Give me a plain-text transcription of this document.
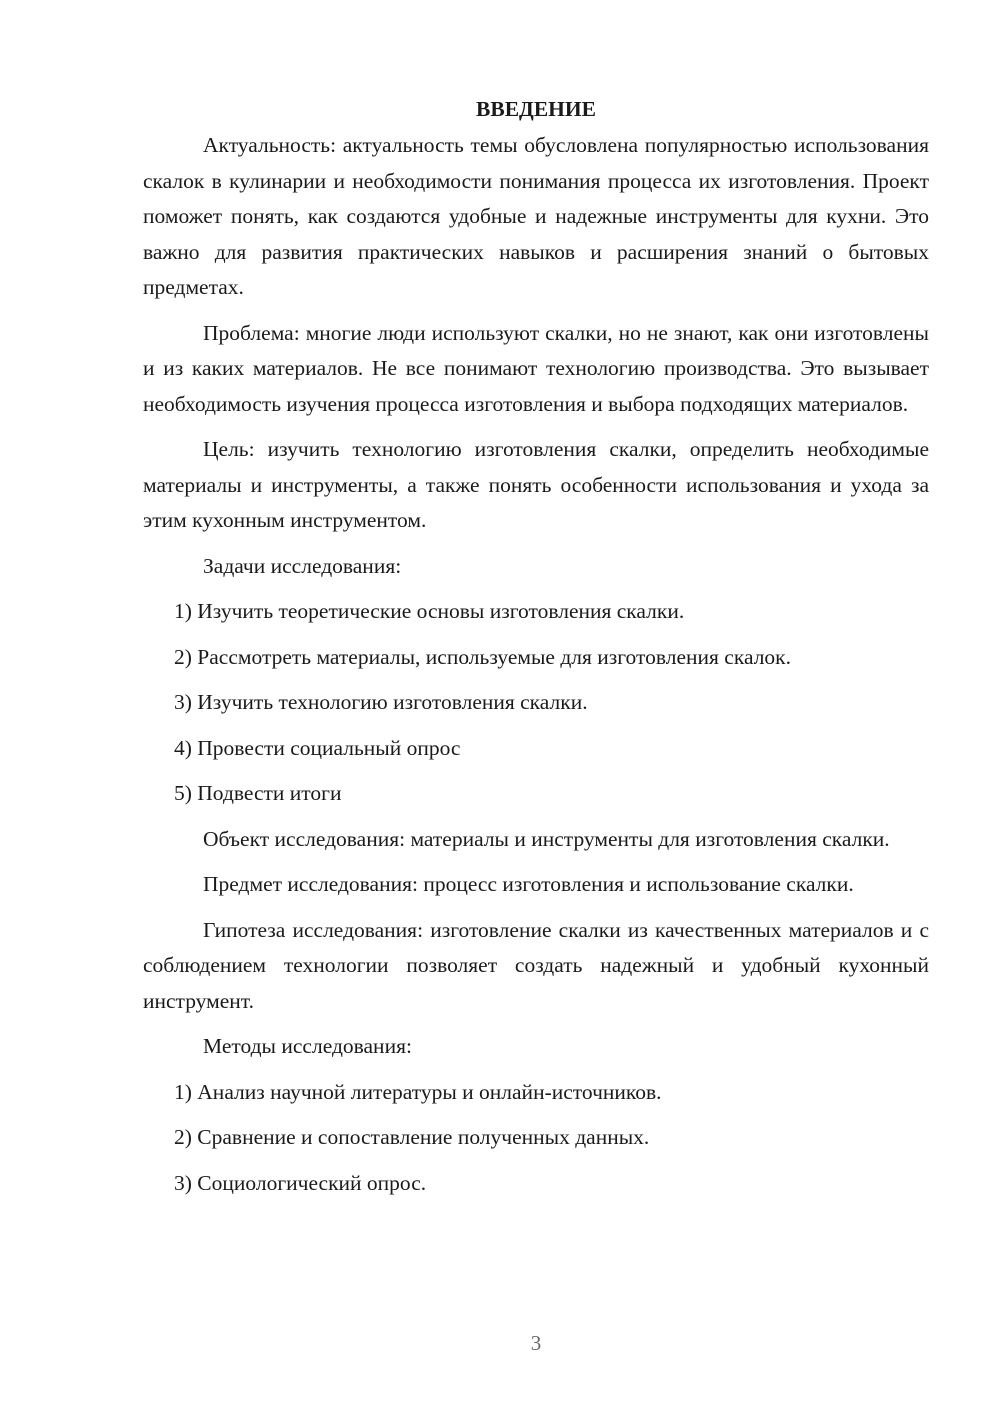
ВВЕДЕНИЕ

Актуальность: актуальность темы обусловлена популярностью использования скалок в кулинарии и необходимости понимания процесса их изготовления. Проект поможет понять, как создаются удобные и надежные инструменты для кухни. Это важно для развития практических навыков и расширения знаний о бытовых предметах.

Проблема: многие люди используют скалки, но не знают, как они изготовлены и из каких материалов. Не все понимают технологию производства. Это вызывает необходимость изучения процесса изготовления и выбора подходящих материалов.

Цель: изучить технологию изготовления скалки, определить необходимые материалы и инструменты, а также понять особенности использования и ухода за этим кухонным инструментом.

Задачи исследования:

1) Изучить теоретические основы изготовления скалки.
2) Рассмотреть материалы, используемые для изготовления скалок.
3) Изучить технологию изготовления скалки.
4) Провести социальный опрос
5) Подвести итоги

Объект исследования: материалы и инструменты для изготовления скалки.

Предмет исследования: процесс изготовления и использование скалки.

Гипотеза исследования: изготовление скалки из качественных материалов и с соблюдением технологии позволяет создать надежный и удобный кухонный инструмент.

Методы исследования:

1) Анализ научной литературы и онлайн-источников.
2) Сравнение и сопоставление полученных данных.
3) Социологический опрос.
3
